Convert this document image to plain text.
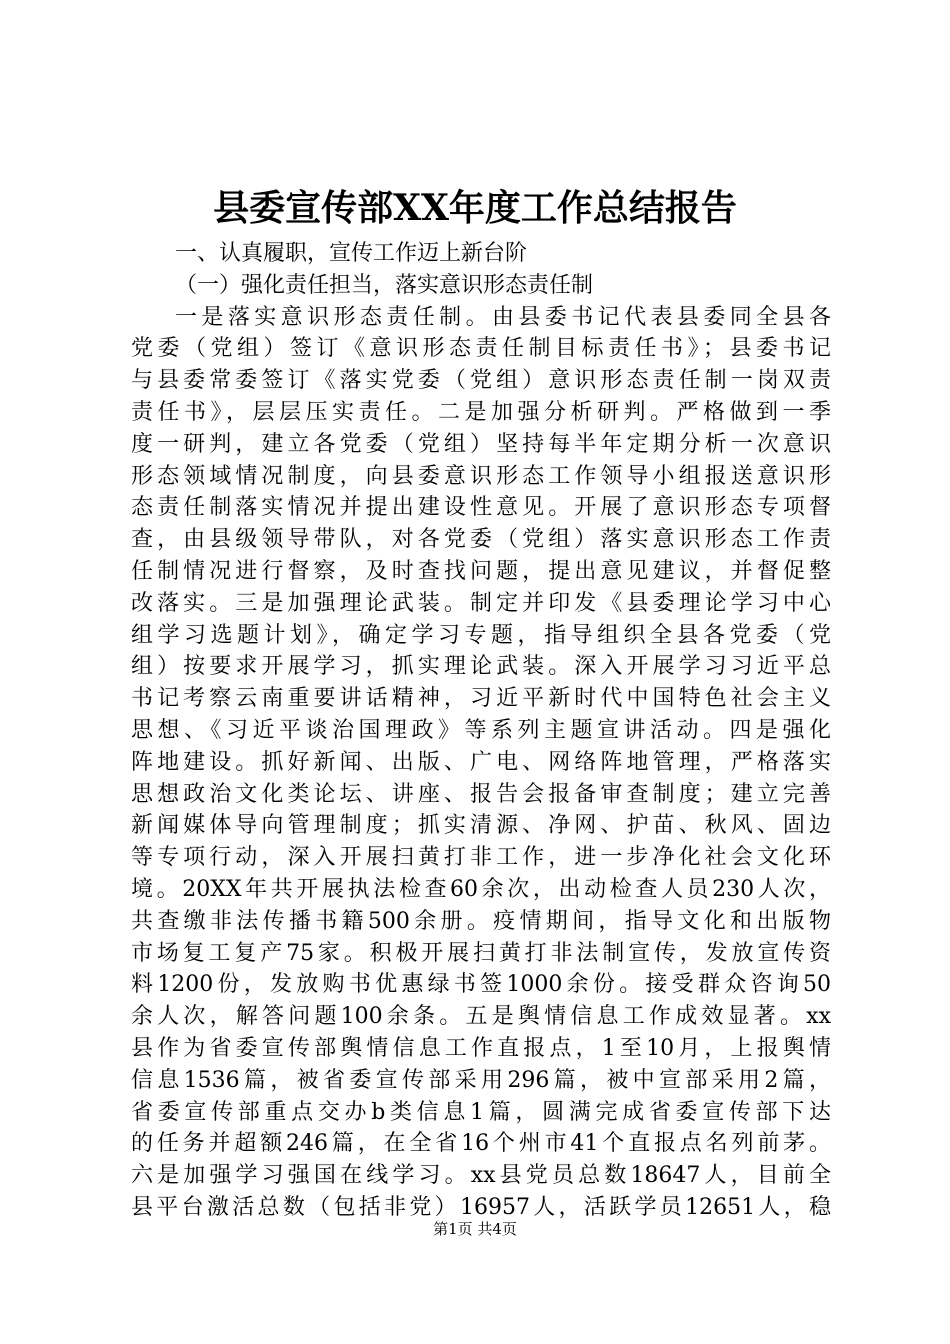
县委宣传部XX年度工作总结报告
一、认真履职，宣传工作迈上新台阶
（一）强化责任担当，落实意识形态责任制
一是落实意识形态责任制。由县委书记代表县委同全县各
党委（党组）签订《意识形态责任制目标责任书》；县委书记
与县委常委签订《落实党委（党组）意识形态责任制一岗双责
责任书》，层层压实责任。二是加强分析研判。严格做到一季
度一研判，建立各党委（党组）坚持每半年定期分析一次意识
形态领域情况制度，向县委意识形态工作领导小组报送意识形
态责任制落实情况并提出建设性意见。开展了意识形态专项督
查，由县级领导带队，对各党委（党组）落实意识形态工作责
任制情况进行督察，及时查找问题，提出意见建议，并督促整
改落实。三是加强理论武装。制定并印发《县委理论学习中心
组学习选题计划》，确定学习专题，指导组织全县各党委（党
组）按要求开展学习，抓实理论武装。深入开展学习习近平总
书记考察云南重要讲话精神，习近平新时代中国特色社会主义
思想、《习近平谈治国理政》等系列主题宣讲活动。四是强化
阵地建设。抓好新闻、出版、广电、网络阵地管理，严格落实
思想政治文化类论坛、讲座、报告会报备审查制度；建立完善
新闻媒体导向管理制度；抓实清源、净网、护苗、秋风、固边
等专项行动，深入开展扫黄打非工作，进一步净化社会文化环
境。20XX年共开展执法检查60余次，出动检查人员230人次，
共查缴非法传播书籍500余册。疫情期间，指导文化和出版物
市场复工复产75家。积极开展扫黄打非法制宣传，发放宣传资
料1200份，发放购书优惠绿书签1000余份。接受群众咨询50
余人次，解答问题100余条。五是舆情信息工作成效显著。xx
县作为省委宣传部舆情信息工作直报点，1至10月，上报舆情
信息1536篇，被省委宣传部采用296篇，被中宣部采用2篇，
省委宣传部重点交办b类信息1篇，圆满完成省委宣传部下达
的任务并超额246篇，在全省16个州市41个直报点名列前茅。
六是加强学习强国在线学习。xx县党员总数18647人，目前全
县平台激活总数（包括非党）16957人，活跃学员12651人，稳
第1页 共4页
